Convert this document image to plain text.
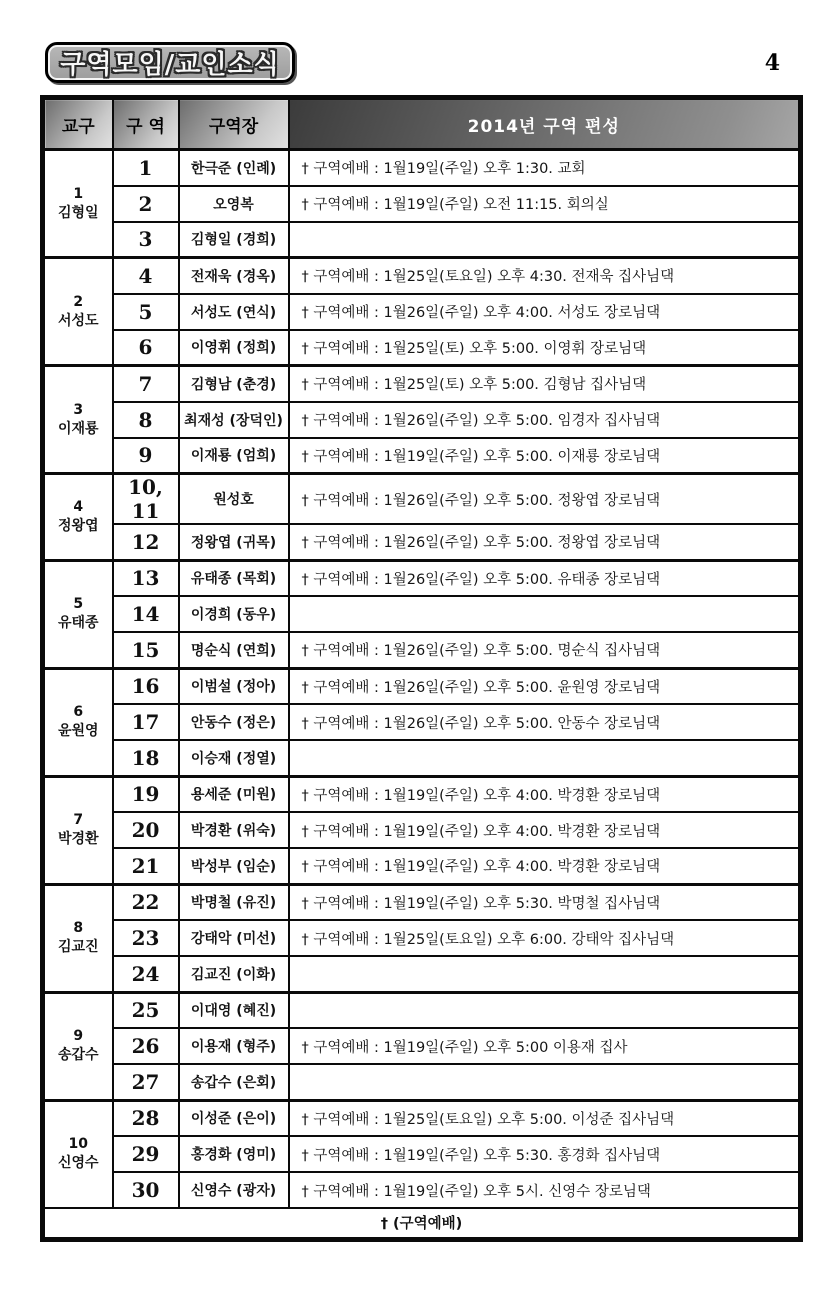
구역모임/교인소식	4
교구	구 역	구역장	2014년 구역 편성

1
김형일	1	한극준 (인례)	† 구역예배 : 1월19일(주일) 오후 1:30. 교회
	2	오영복	† 구역예배 : 1월19일(주일) 오전 11:15. 회의실
	3	김형일 (경희)	

2
서성도	4	전재욱 (경옥)	† 구역예배 : 1월25일(토요일) 오후 4:30. 전재욱 집사님댁
	5	서성도 (연식)	† 구역예배 : 1월26일(주일) 오후 4:00. 서성도 장로님댁
	6	이영휘 (정희)	† 구역예배 : 1월25일(토) 오후 5:00. 이영휘 장로님댁

3
이재룡	7	김형남 (춘경)	† 구역예배 : 1월25일(토) 오후 5:00. 김형남 집사님댁
	8	최재성 (장덕인)	† 구역예배 : 1월26일(주일) 오후 5:00. 임경자 집사님댁
	9	이재룡 (엄희)	† 구역예배 : 1월19일(주일) 오후 5:00. 이재룡 장로님댁

4
정왕엽	10, 11	원성호	† 구역예배 : 1월26일(주일) 오후 5:00. 정왕엽 장로님댁
	12	정왕엽 (귀목)	† 구역예배 : 1월26일(주일) 오후 5:00. 정왕엽 장로님댁

5
유태종	13	유태종 (목회)	† 구역예배 : 1월26일(주일) 오후 5:00. 유태종 장로님댁
	14	이경희 (동우)	
	15	명순식 (연희)	† 구역예배 : 1월26일(주일) 오후 5:00. 명순식 집사님댁

6
윤원영	16	이범설 (정아)	† 구역예배 : 1월26일(주일) 오후 5:00. 윤원영 장로님댁
	17	안동수 (정은)	† 구역예배 : 1월26일(주일) 오후 5:00. 안동수 장로님댁
	18	이승재 (정열)	

7
박경환	19	용세준 (미원)	† 구역예배 : 1월19일(주일) 오후 4:00. 박경환 장로님댁
	20	박경환 (위숙)	† 구역예배 : 1월19일(주일) 오후 4:00. 박경환 장로님댁
	21	박성부 (임순)	† 구역예배 : 1월19일(주일) 오후 4:00. 박경환 장로님댁

8
김교진	22	박명철 (유진)	† 구역예배 : 1월19일(주일) 오후 5:30. 박명철 집사님댁
	23	강태악 (미선)	† 구역예배 : 1월25일(토요일) 오후 6:00. 강태악 집사님댁
	24	김교진 (이화)	

9
송갑수	25	이대영 (혜진)	
	26	이용재 (형주)	† 구역예배 : 1월19일(주일) 오후 5:00 이용재 집사
	27	송갑수 (은회)	

10
신영수	28	이성준 (은이)	† 구역예배 : 1월25일(토요일) 오후 5:00. 이성준 집사님댁
	29	홍경화 (영미)	† 구역예배 : 1월19일(주일) 오후 5:30. 홍경화 집사님댁
	30	신영수 (광자)	† 구역예배 : 1월19일(주일) 오후 5시. 신영수 장로님댁
† (구역예배)			
